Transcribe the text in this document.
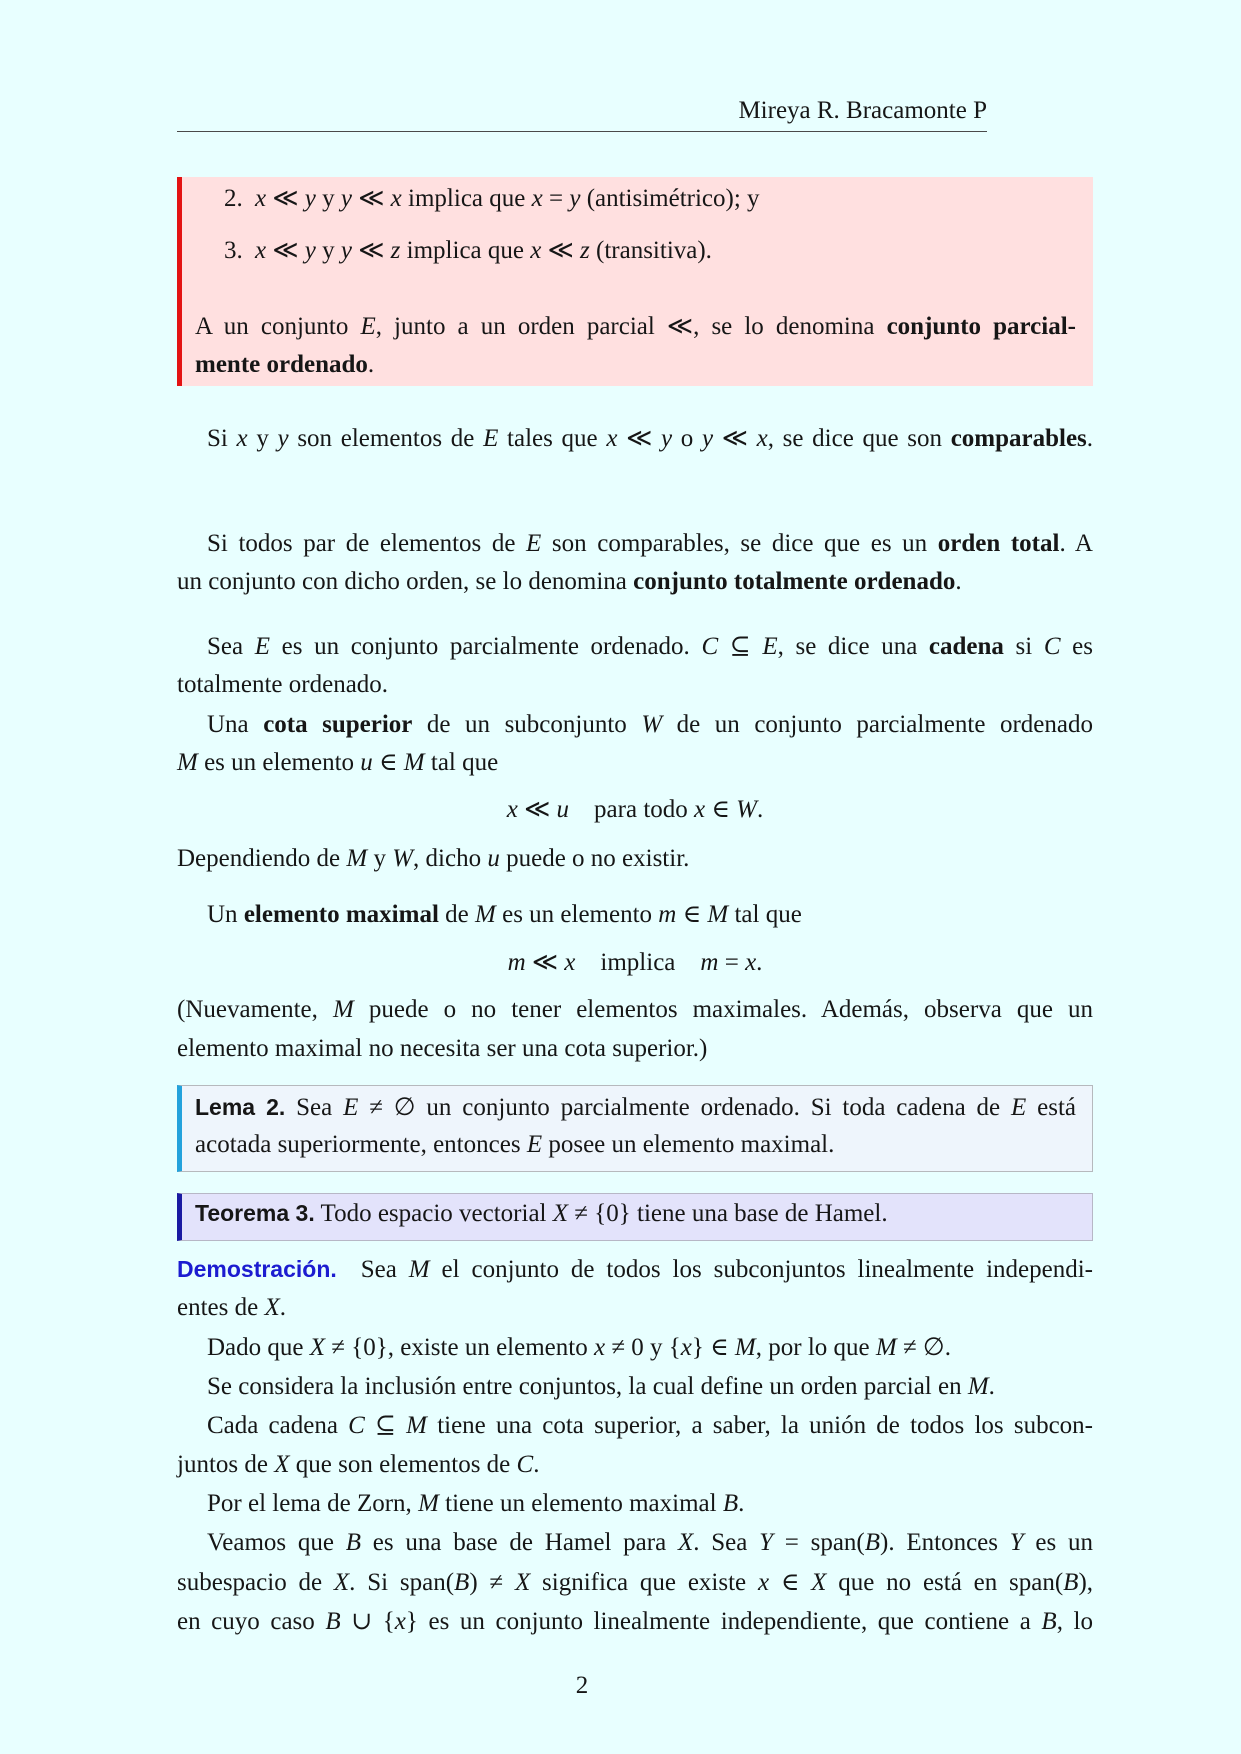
Mireya R. Bracamonte P
2. x ≪ y y y ≪ x implica que x = y (antisimétrico); y
3. x ≪ y y y ≪ z implica que x ≪ z (transitiva).
A un conjunto E, junto a un orden parcial ≪, se lo denomina conjunto parcial-
mente ordenado.
Si x y y son elementos de E tales que x ≪ y o y ≪ x, se dice que son comparables.
Si todos par de elementos de E son comparables, se dice que es un orden total. A
un conjunto con dicho orden, se lo denomina conjunto totalmente ordenado.
Sea E es un conjunto parcialmente ordenado. C ⊆ E, se dice una cadena si C es
totalmente ordenado.
Una cota superior de un subconjunto W de un conjunto parcialmente ordenado
M es un elemento u ∈ M tal que
x ≪ u para todo x ∈ W.
Dependiendo de M y W, dicho u puede o no existir.
Un elemento maximal de M es un elemento m ∈ M tal que
m ≪ x implica m = x.
(Nuevamente, M puede o no tener elementos maximales. Además, observa que un
elemento maximal no necesita ser una cota superior.)
Lema 2. Sea E ≠ ∅ un conjunto parcialmente ordenado. Si toda cadena de E está
acotada superiormente, entonces E posee un elemento maximal.
Teorema 3. Todo espacio vectorial X ≠ {0} tiene una base de Hamel.
Demostración. Sea M el conjunto de todos los subconjuntos linealmente independi-
entes de X.
Dado que X ≠ {0}, existe un elemento x ≠ 0 y {x} ∈ M, por lo que M ≠ ∅.
Se considera la inclusión entre conjuntos, la cual define un orden parcial en M.
Cada cadena C ⊆ M tiene una cota superior, a saber, la unión de todos los subcon-
juntos de X que son elementos de C.
Por el lema de Zorn, M tiene un elemento maximal B.
Veamos que B es una base de Hamel para X. Sea Y = span(B). Entonces Y es un
subespacio de X. Si span(B) ≠ X significa que existe x ∈ X que no está en span(B),
en cuyo caso B ∪ {x} es un conjunto linealmente independiente, que contiene a B, lo
2
